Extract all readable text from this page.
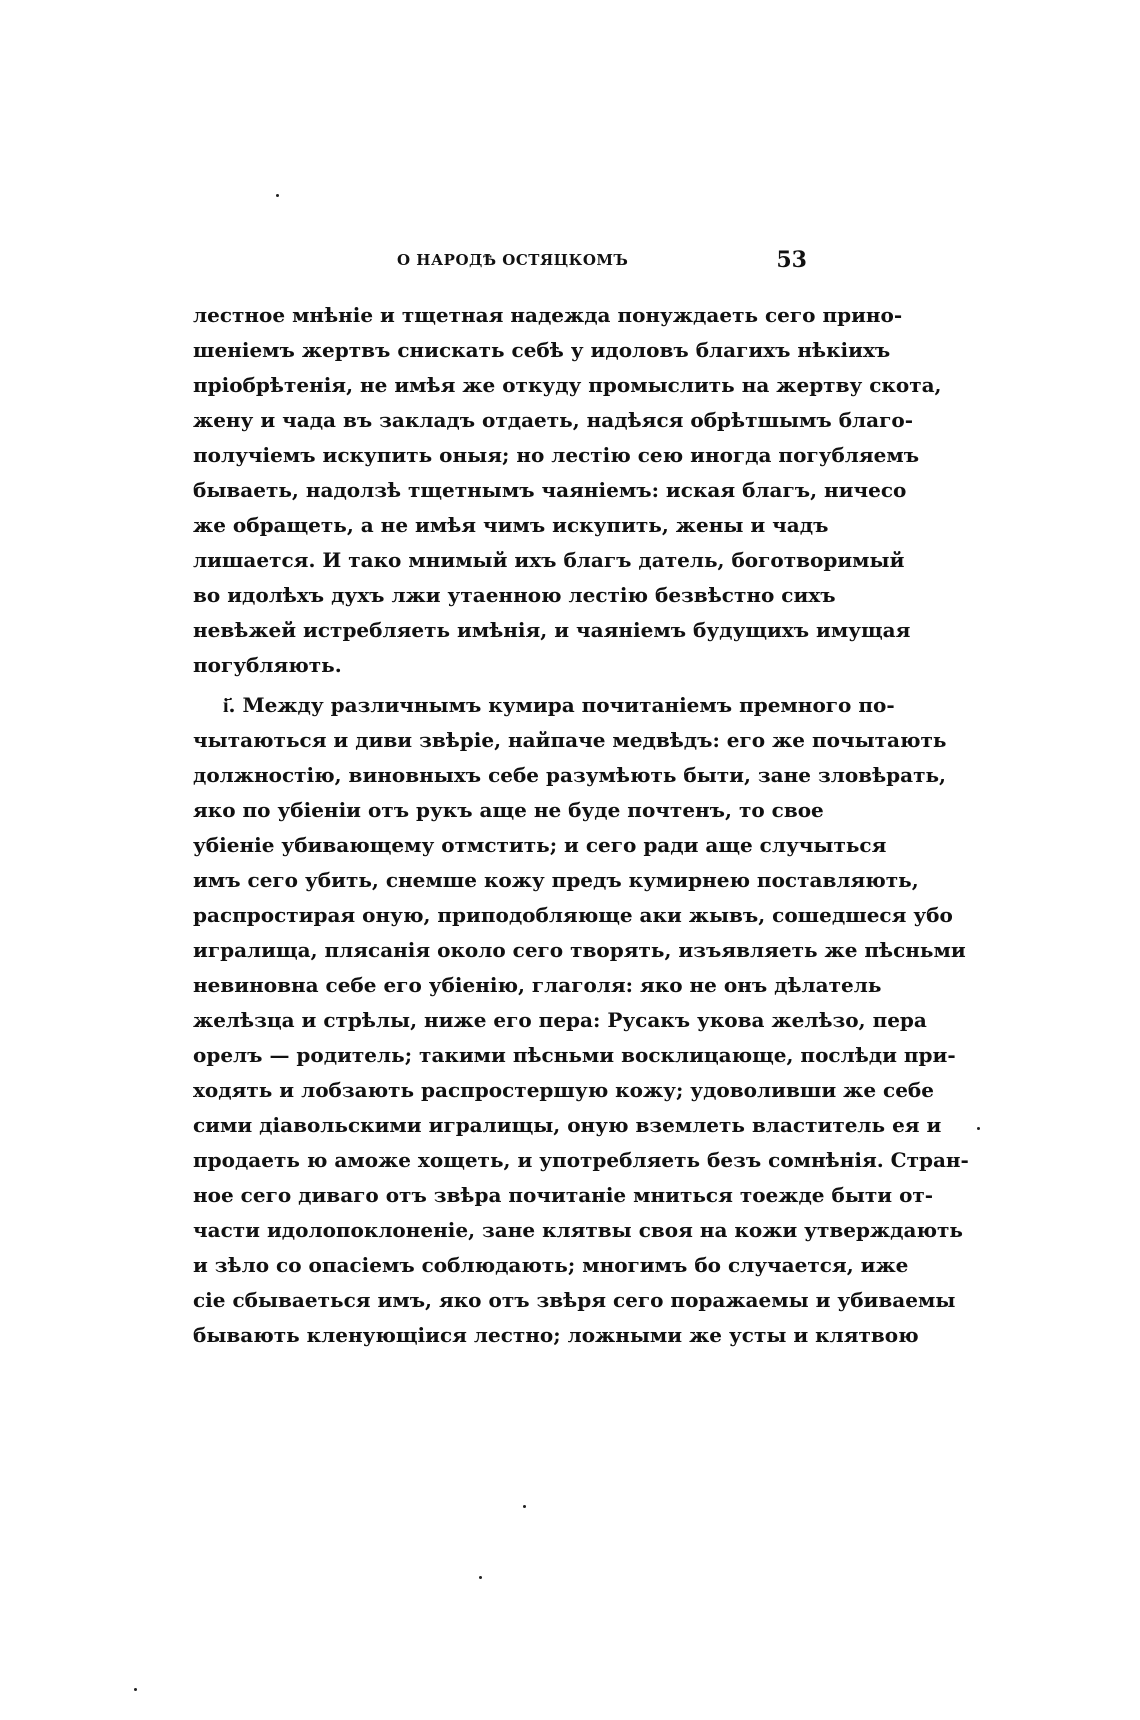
О НАРОДѢ ОСТЯЦКОМЪ	53
лестное мнѣніе и тщетная надежда понуждаеть сего прино-
шеніемъ жертвъ снискать себѣ у идоловъ благихъ нѣкіихъ
пріобрѣтенія, не имѣя же откуду промыслить на жертву скота,
жену и чада въ закладъ отдаеть, надѣяся обрѣтшымъ благо-
получіемъ искупить оныя; но лестію сею иногда погубляемъ
бываеть, надолзѣ тщетнымъ чаяніемъ: иская благъ, ничесо
же обращеть, а не имѣя чимъ искупить, жены и чадъ
лишается. И тако мнимый ихъ благъ датель, боготворимый
во идолѣхъ духъ лжи утаенною лестію безвѣстно сихъ
невѣжей истребляеть имѣнія, и чаяніемъ будущихъ имущая
погубляють.
і҃. Между различнымъ кумира почитаніемъ премного по-
чытаються и диви звѣріе, найпаче медвѣдъ: его же почытають
должностію, виновныхъ себе разумѣють быти, зане зловѣрать,
яко по убіеніи отъ рукъ аще не буде почтенъ, то свое
убіеніе убивающему отмстить; и сего ради аще случыться
имъ сего убить, снемше кожу предъ кумирнею поставляють,
распростирая оную, приподобляюще аки жывъ, сошедшеся убо
игралища, плясанія около сего творять, изъявляеть же пѣсньми
невиновна себе его убіенію, глаголя: яко не онъ дѣлатель
желѣзца и стрѣлы, ниже его пера: Русакъ укова желѣзо, пера
орелъ — родитель; такими пѣсньми восклицающе, послѣди при-
ходять и лобзають распростершую кожу; удоволивши же себе
сими діавольскими игралищы, оную вземлеть властитель ея и
продаеть ю аможе хощеть, и употребляеть безъ сомнѣнія. Стран-
ное сего диваго отъ звѣра почитаніе мниться тоежде быти от-
части идолопоклоненіе, зане клятвы своя на кожи утверждають
и зѣло со опасіемъ соблюдають; многимъ бо случается, иже
сіе сбываеться имъ, яко отъ звѣря сего поражаемы и убиваемы
бывають кленующіися лестно; ложными же усты и клятвою
